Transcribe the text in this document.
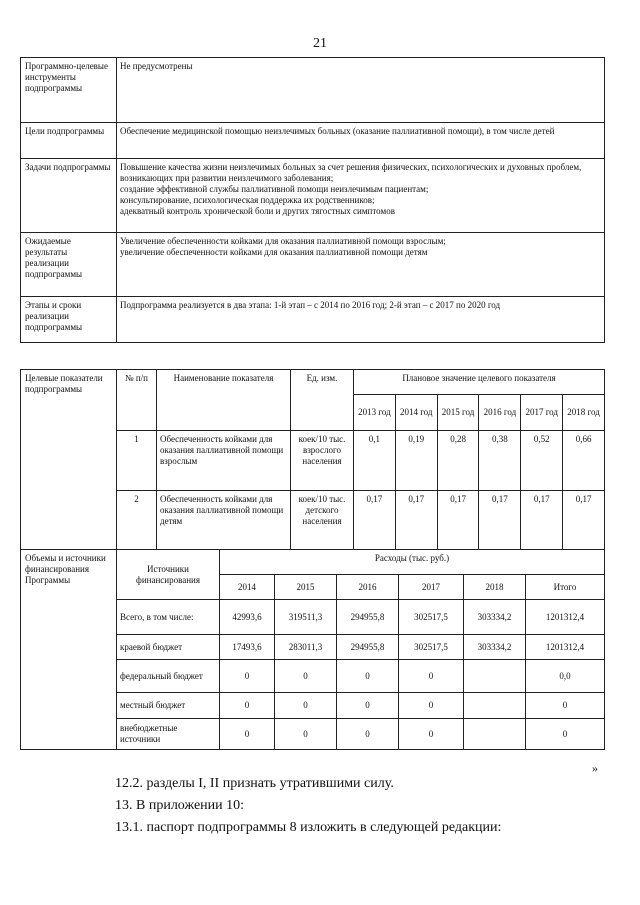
21
Программно-целевые инструменты подпрограммы	Не предусмотрены
Цели подпрограммы	Обеспечение медицинской помощью неизлечимых больных (оказание паллиативной помощи), в том числе детей
Задачи подпрограммы	Повышение качества жизни неизлечимых больных за счет решения физических, психологических и духовных проблем, возникающих при развитии неизлечимого заболевания;
создание эффективной службы паллиативной помощи неизлечимым пациентам;
консультирование, психологическая поддержка их родственников;
адекватный контроль хронической боли и других тягостных симптомов

Ожидаемые результаты реализации подпрограммы	Увеличение обеспеченности койками для оказания паллиативной помощи взрослым;
увеличение обеспеченности койками для оказания паллиативной помощи детям

Этапы и сроки реализации подпрограммы	Подпрограмма реализуется в два этапа: 1-й этап – с 2014 по 2016 год; 2-й этап – с 2017 по 2020 год
Целевые показатели подпрограммы	№ п/п	Наименование показателя	Ед. изм.	Плановое значение целевого показателя					
				2013 год	2014 год	2015 год	2016 год	2017 год	2018 год
	1	Обеспеченность койками для оказания паллиативной помощи взрослым	коек/10 тыс. взрослого населения	0,1	0,19	0,28	0,38	0,52	0,66
	2	Обеспеченность койками для оказания паллиативной помощи детям	коек/10 тыс. детского населения	0,17	0,17	0,17	0,17	0,17	0,17
Объемы и источники финансирования Программы	Источники финансирования	Расходы (тыс. руб.)					
		2014	2015	2016	2017	2018	Итого
	Всего, в том числе:	42993,6	319511,3	294955,8	302517,5	303334,2	1201312,4
	краевой бюджет	17493,6	283011,3	294955,8	302517,5	303334,2	1201312,4
	федеральный бюджет	0	0	0	0		0,0
	местный бюджет	0	0	0	0		0
	внебюджетные источники	0	0	0	0		0
»
12.2. разделы I, II признать утратившими силу.
13. В приложении 10:
13.1. паспорт подпрограммы 8 изложить в следующей редакции:
